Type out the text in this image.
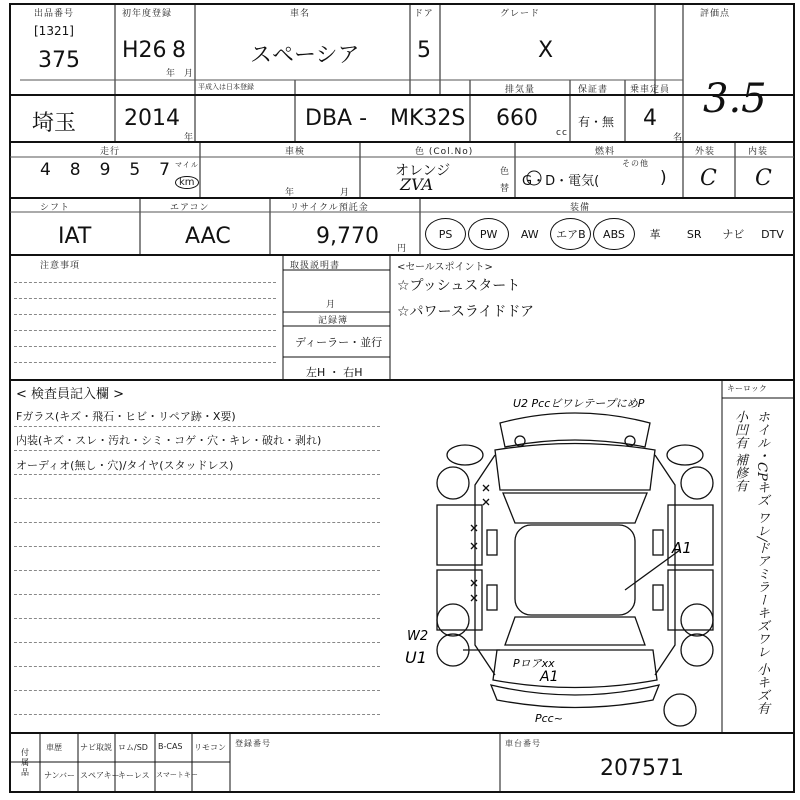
出品番号
[1321]
375
初年度登録
H26 8
年 月
車名
スペーシア
ドア
5
グレード
X
評価点
3.5
埼玉 2014
年
平成入は日本登録
DBA - MK32S
排気量
660
cc
保証書
有・無
乗車定員
4
名
走行
4 8 9 5 7 マイル
km
車検
年	月
色 (Col.No)
オレンジ
ZVA
色
替
燃料
G・D・電気(
その他
)
外装
C
内装
C
シフト
IAT
エアコン
AAC
リサイクル預託金
9,770 円
装備
PS	PW AW エアB ABS 革 SR ナビ DTV
注意事項	取扱説明書
月
記録簿
ディーラー・並行
左H ・ 右H
<セールスポイント>
☆プッシュスタート
☆パワースライドドア
< 検査員記入欄 >
Fガラス(キズ・飛石・ヒビ・リペア跡・X要)
内装(キズ・スレ・汚れ・シミ・コゲ・穴・キレ・破れ・剥れ)
オーディオ(無し・穴)/タイヤ(スタッドレス)
キーロック
ホイル・CPキズ ワレ/ドアミラーキズワレ 小キズ有 小凹有 補修有
U2 PccビワレテープにめP
A1
W2
U1	Pロアxx
A1
Pcc~
付属品	車歴 ナビ取説 ロム/SD B-CAS リモコン
ナンバー スペアキー
キーレス スマートキー
登録番号	車台番号
207571
